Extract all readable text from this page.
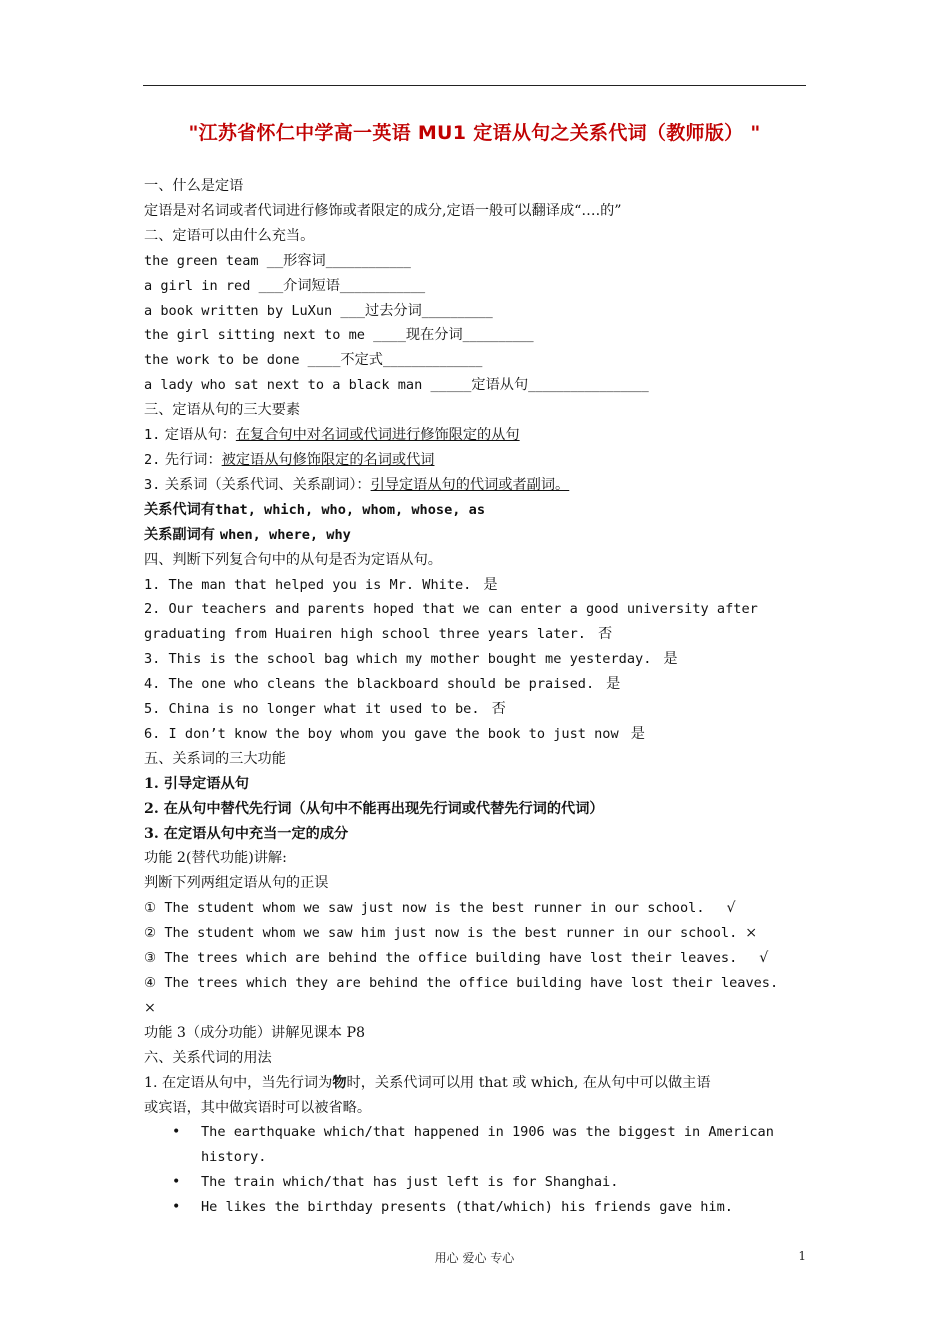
"江苏省怀仁中学高一英语 MU1 定语从句之关系代词（教师版） "
一、什么是定语
定语是对名词或者代词进行修饰或者限定的成分,定语一般可以翻译成“….的”
二、定语可以由什么充当。
the green team __形容词____________
a girl in red ___介词短语____________
a book written by LuXun ___过去分词__________
the girl sitting next to me ____现在分词__________
the work to be done ____不定式______________
a lady who sat next to a black man _____定语从句_________________
三、定语从句的三大要素
1. 定语从句：在复合句中对名词或代词进行修饰限定的从句
2. 先行词：被定语从句修饰限定的名词或代词
3. 关系词（关系代词、关系副词）：引导定语从句的代词或者副词。
关系代词有that, which, who, whom, whose, as
关系副词有 when, where, why
四、判断下列复合句中的从句是否为定语从句。
1. The man that helped you is Mr. White. 是
2. Our teachers and parents hoped that we can enter a good university after
graduating from Huairen high school three years later. 否
3. This is the school bag which my mother bought me yesterday. 是
4. The one who cleans the blackboard should be praised. 是
5. China is no longer what it used to be. 否
6. I don’t know the boy whom you gave the book to just now 是
五、关系词的三大功能
1. 引导定语从句
2. 在从句中替代先行词（从句中不能再出现先行词或代替先行词的代词）
3. 在定语从句中充当一定的成分
功能 2(替代功能)讲解:
判断下列两组定语从句的正误
① The student whom we saw just now is the best runner in our school. √
② The student whom we saw him just now is the best runner in our school. ×
③ The trees which are behind the office building have lost their leaves. √
④ The trees which they are behind the office building have lost their leaves.
×
功能 3（成分功能）讲解见课本 P8
六、关系代词的用法
1. 在定语从句中，当先行词为物时，关系代词可以用 that 或 which, 在从句中可以做主语
或宾语，其中做宾语时可以被省略。
• The earthquake which/that happened in 1906 was the biggest in American
history.
• The train which/that has just left is for Shanghai.
• He likes the birthday presents (that/which) his friends gave him.
用心 爱心 专心	1
